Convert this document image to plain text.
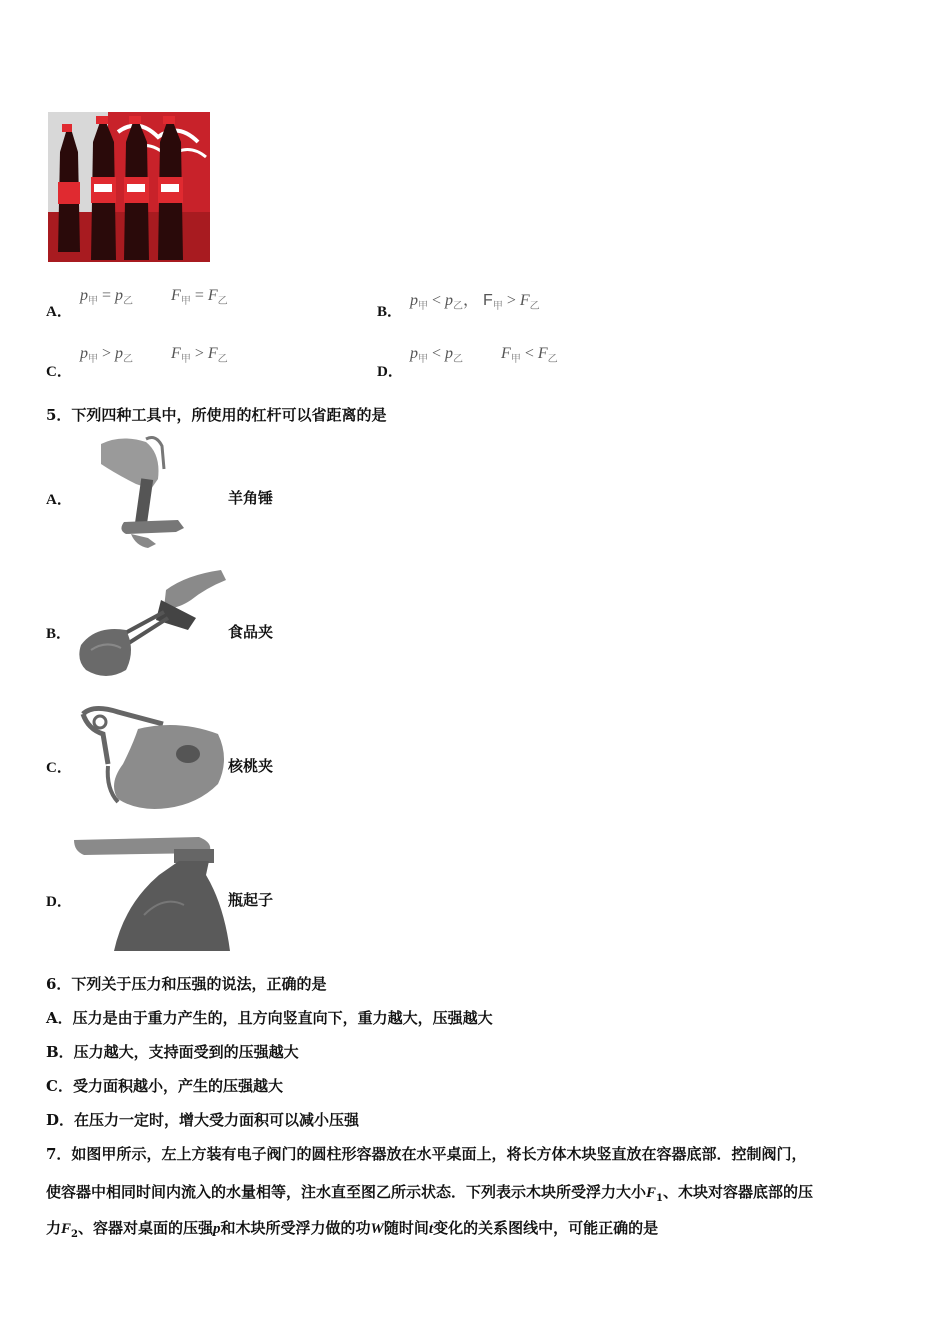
A．
$p_甲 = p_乙$ $F_甲 = F_乙$
B．
$p_甲 < p_乙$， $F_甲 > F_乙$
C．
$p_甲 > p_乙$ $F_甲 > F_乙$
D．
$p_甲 < p_乙$ $F_甲 < F_乙$
5．下列四种工具中，所使用的杠杆可以省距离的是
A．	羊角锤
B．	食品夹
C．	核桃夹
D．	瓶起子
6．下列关于压力和压强的说法，正确的是
A．压力是由于重力产生的，且方向竖直向下，重力越大，压强越大
B．压力越大，支持面受到的压强越大
C．受力面积越小，产生的压强越大
D．在压力一定时，增大受力面积可以减小压强
7．如图甲所示，左上方装有电子阀门的圆柱形容器放在水平桌面上，将长方体木块竖直放在容器底部．控制阀门，
使容器中相同时间内流入的水量相等，注水直至图乙所示状态．下列表示木块所受浮力大小$F_1$、木块对容器底部的压
力$F_2$、容器对桌面的压强p和木块所受浮力做的功W随时间t变化的关系图线中，可能正确的是
